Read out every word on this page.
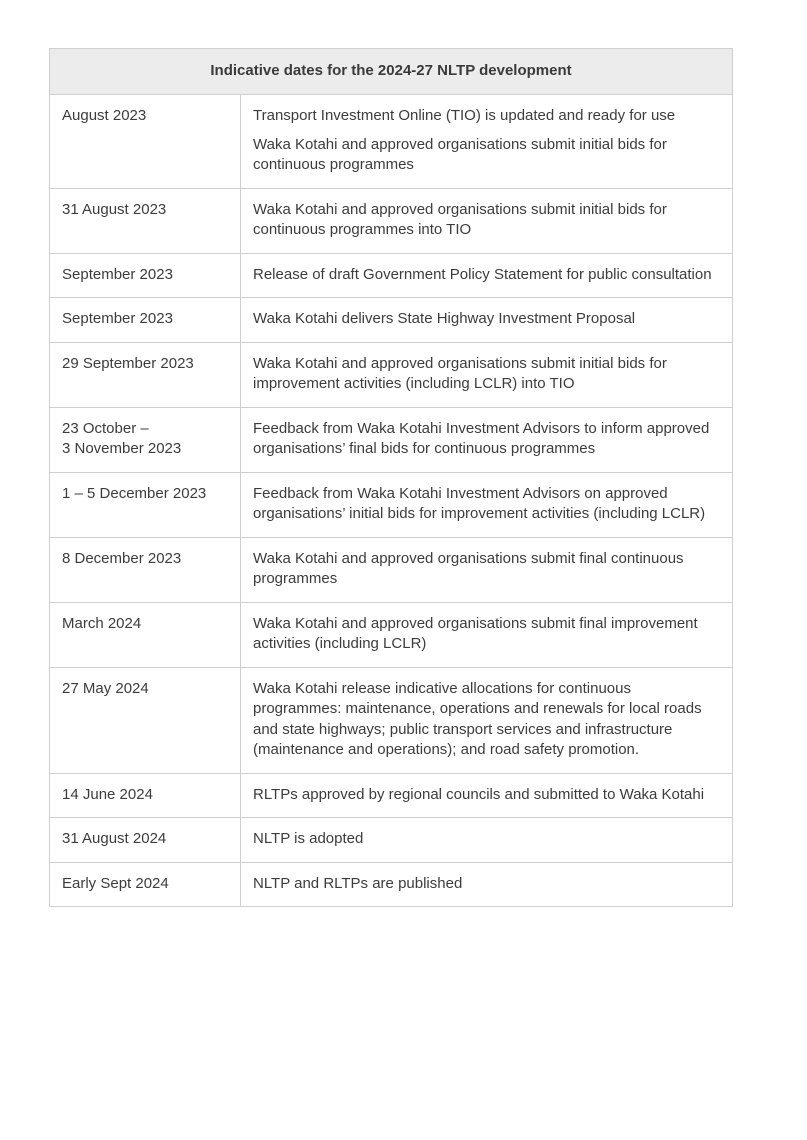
Indicative dates for the 2024-27 NLTP development	
August 2023	Transport Investment Online (TIO) is updated and ready for use
Waka Kotahi and approved organisations submit initial bids for continuous programmes

31 August 2023	Waka Kotahi and approved organisations submit initial bids for continuous programmes into TIO

September 2023	Release of draft Government Policy Statement for public consultation

September 2023	Waka Kotahi delivers State Highway Investment Proposal

29 September 2023	Waka Kotahi and approved organisations submit initial bids for improvement activities (including LCLR) into TIO

23 October –
3 November 2023	Feedback from Waka Kotahi Investment Advisors to inform approved organisations’ final bids for continuous programmes

1 – 5 December 2023	Feedback from Waka Kotahi Investment Advisors on approved organisations’ initial bids for improvement activities (including LCLR)

8 December 2023	Waka Kotahi and approved organisations submit final continuous programmes

March 2024	Waka Kotahi and approved organisations submit final improvement activities (including LCLR)

27 May 2024	Waka Kotahi release indicative allocations for continuous programmes: maintenance, operations and renewals for local roads and state highways; public transport services and infrastructure (maintenance and operations); and road safety promotion.

14 June 2024	RLTPs approved by regional councils and submitted to Waka Kotahi

31 August 2024	NLTP is adopted

Early Sept 2024	NLTP and RLTPs are published
